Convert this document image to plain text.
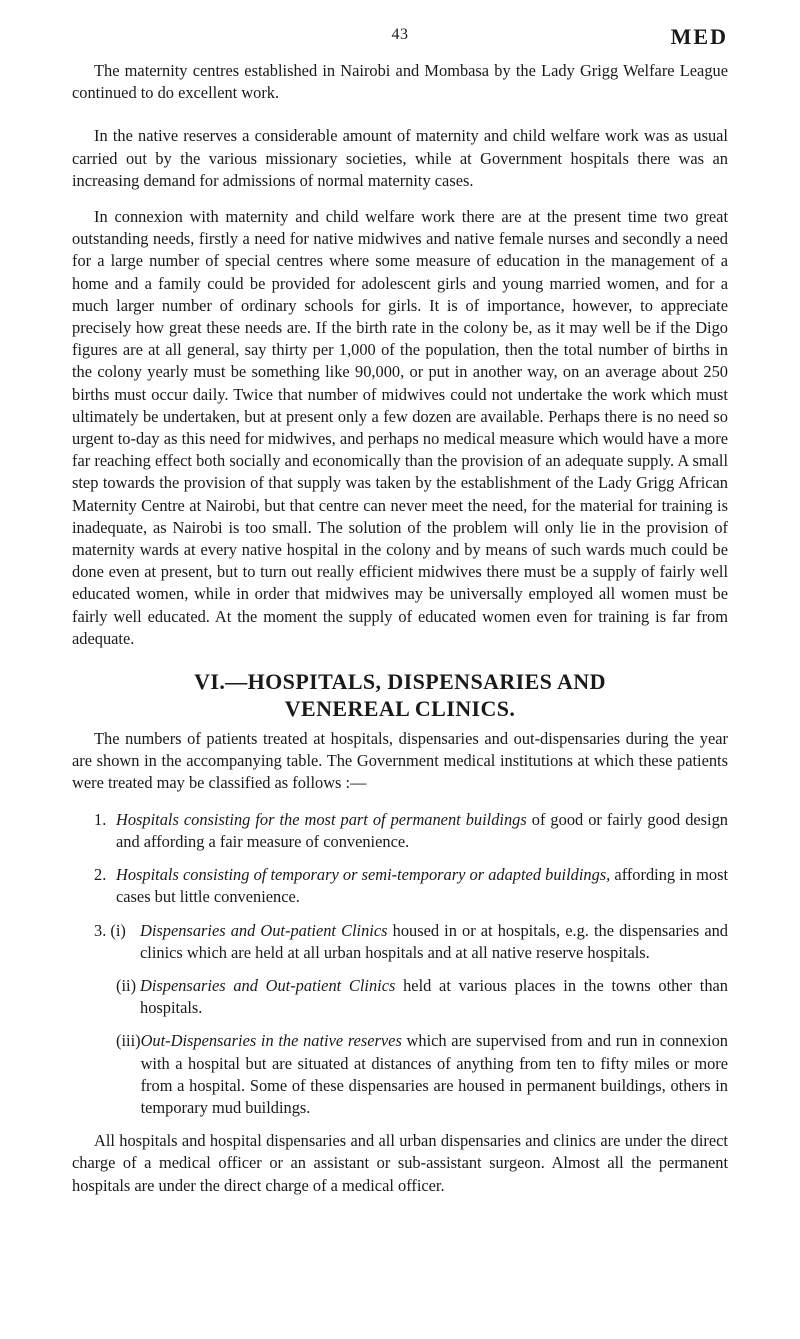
43	MED

The maternity centres established in Nairobi and Mombasa by the Lady Grigg Welfare League continued to do excellent work.

In the native reserves a considerable amount of maternity and child welfare work was as usual carried out by the various missionary societies, while at Government hospitals there was an increasing demand for admissions of normal maternity cases.

In connexion with maternity and child welfare work there are at the present time two great outstanding needs, firstly a need for native midwives and native female nurses and secondly a need for a large number of special centres where some measure of education in the management of a home and a family could be provided for adolescent girls and young married women, and for a much larger number of ordinary schools for girls. It is of importance, however, to appreciate precisely how great these needs are. If the birth rate in the colony be, as it may well be if the Digo figures are at all general, say thirty per 1,000 of the population, then the total number of births in the colony yearly must be something like 90,000, or put in another way, on an average about 250 births must occur daily. Twice that number of midwives could not undertake the work which must ultimately be undertaken, but at present only a few dozen are available. Perhaps there is no need so urgent to-day as this need for midwives, and perhaps no medical measure which would have a more far reaching effect both socially and economically than the provision of an adequate supply. A small step towards the provision of that supply was taken by the establishment of the Lady Grigg African Maternity Centre at Nairobi, but that centre can never meet the need, for the material for training is inadequate, as Nairobi is too small. The solution of the problem will only lie in the provision of maternity wards at every native hospital in the colony and by means of such wards much could be done even at present, but to turn out really efficient midwives there must be a supply of fairly well educated women, while in order that midwives may be universally employed all women must be fairly well educated. At the moment the supply of educated women even for training is far from adequate.

VI.—HOSPITALS, DISPENSARIES AND
VENEREAL CLINICS.

The numbers of patients treated at hospitals, dispensaries and out-dispensaries during the year are shown in the accompanying table. The Government medical institutions at which these patients were treated may be classified as follows :—

1. Hospitals consisting for the most part of permanent buildings of good or fairly good design and affording a fair measure of convenience.
2. Hospitals consisting of temporary or semi-temporary or adapted buildings, affording in most cases but little convenience.
3. (i) Dispensaries and Out-patient Clinics housed in or at hospitals, e.g. the dispensaries and clinics which are held at all urban hospitals and at all native reserve hospitals.
(ii) Dispensaries and Out-patient Clinics held at various places in the towns other than hospitals.
(iii) Out-Dispensaries in the native reserves which are supervised from and run in connexion with a hospital but are situated at distances of anything from ten to fifty miles or more from a hospital. Some of these dispensaries are housed in permanent buildings, others in temporary mud buildings.

All hospitals and hospital dispensaries and all urban dispensaries and clinics are under the direct charge of a medical officer or an assistant or sub-assistant surgeon. Almost all the permanent hospitals are under the direct charge of a medical officer.
